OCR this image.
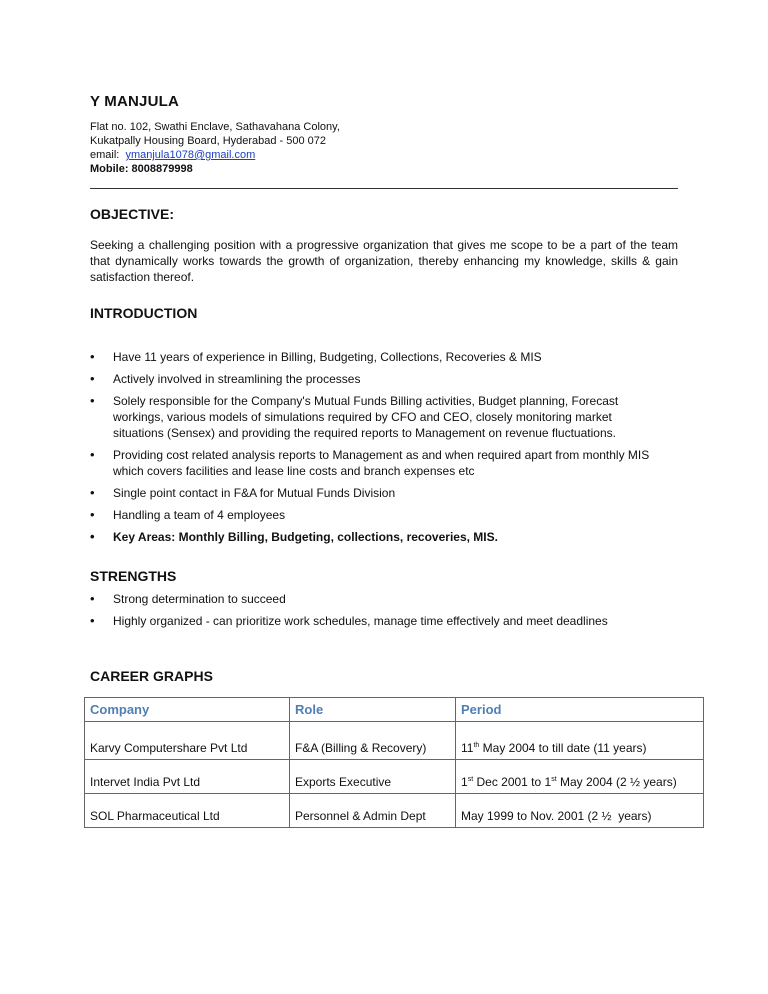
Y MANJULA
Flat no. 102, Swathi Enclave, Sathavahana Colony,
Kukatpally Housing Board, Hyderabad - 500 072
email:  ymanjula1078@gmail.com
Mobile: 8008879998
OBJECTIVE:
Seeking a challenging position with a progressive organization that gives me scope to be a part of the team that dynamically works towards the growth of organization, thereby enhancing my knowledge, skills & gain satisfaction thereof.
INTRODUCTION
• Have 11 years of experience in Billing, Budgeting, Collections, Recoveries & MIS
• Actively involved in streamlining the processes
• Solely responsible for the Company's Mutual Funds Billing activities, Budget planning, Forecast workings, various models of simulations required by CFO and CEO, closely monitoring market situations (Sensex) and providing the required reports to Management on revenue fluctuations.
• Providing cost related analysis reports to Management as and when required apart from monthly MIS which covers facilities and lease line costs and branch expenses etc
• Single point contact in F&A for Mutual Funds Division
• Handling a team of 4 employees
• Key Areas: Monthly Billing, Budgeting, collections, recoveries, MIS.
STRENGTHS
• Strong determination to succeed
• Highly organized - can prioritize work schedules, manage time effectively and meet deadlines
CAREER GRAPHS
Company	Role	Period
Karvy Computershare Pvt Ltd	F&A (Billing & Recovery)	11th May 2004 to till date (11 years)
Intervet India Pvt Ltd	Exports Executive	1st Dec 2001 to 1st May 2004 (2 ½ years)
SOL Pharmaceutical Ltd	Personnel & Admin Dept	May 1999 to Nov. 2001 (2 ½  years)
